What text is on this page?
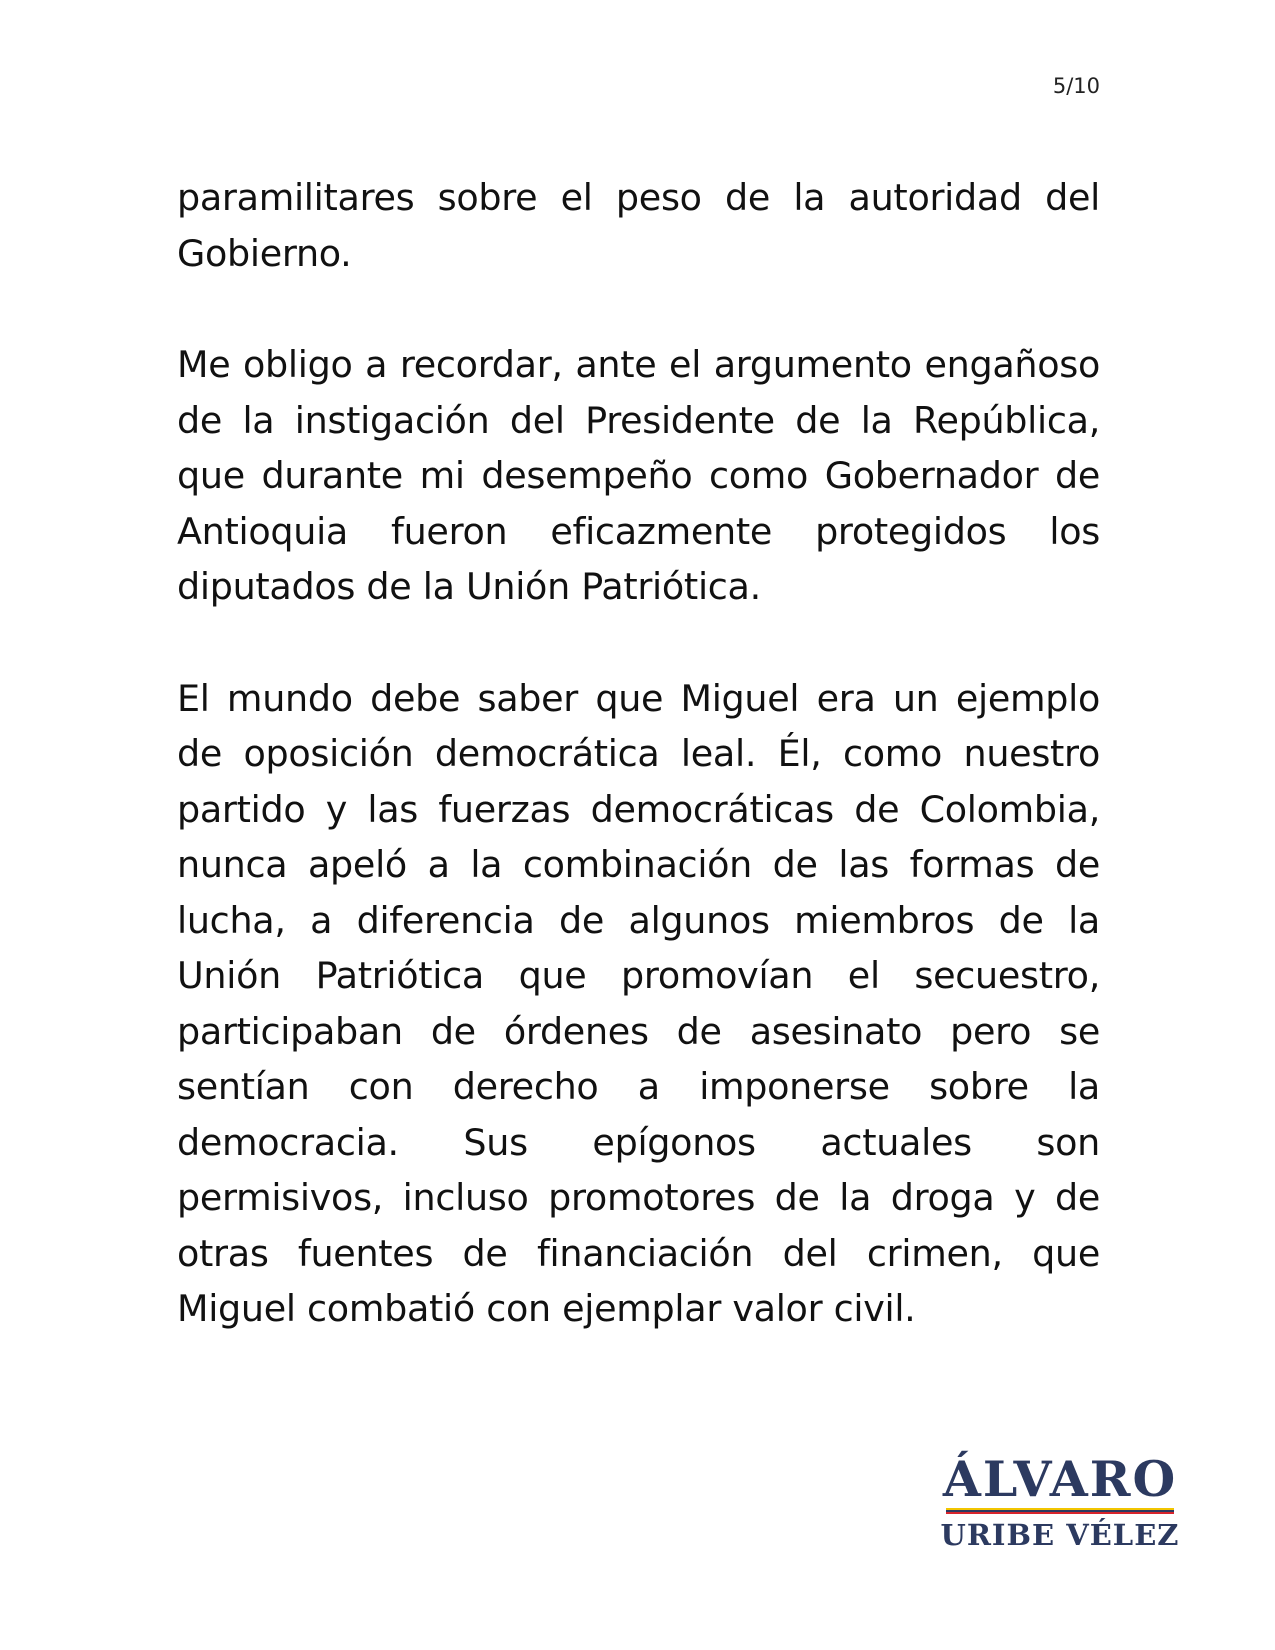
5/10

paramilitares sobre el peso de la autoridad del Gobierno.

Me obligo a recordar, ante el argumento engañoso de la instigación del Presidente de la República, que durante mi desempeño como Gobernador de Antioquia fueron eficazmente protegidos los diputados de la Unión Patriótica.

El mundo debe saber que Miguel era un ejemplo de oposición democrática leal. Él, como nuestro partido y las fuerzas democráticas de Colombia, nunca apeló a la combinación de las formas de lucha, a diferencia de algunos miembros de la Unión Patriótica que promovían el secuestro, participaban de órdenes de asesinato pero se sentían con derecho a imponerse sobre la democracia. Sus epígonos actuales son permisivos, incluso promotores de la droga y de otras fuentes de financiación del crimen, que Miguel combatió con ejemplar valor civil.

ÁLVARO
URIBE VÉLEZ
